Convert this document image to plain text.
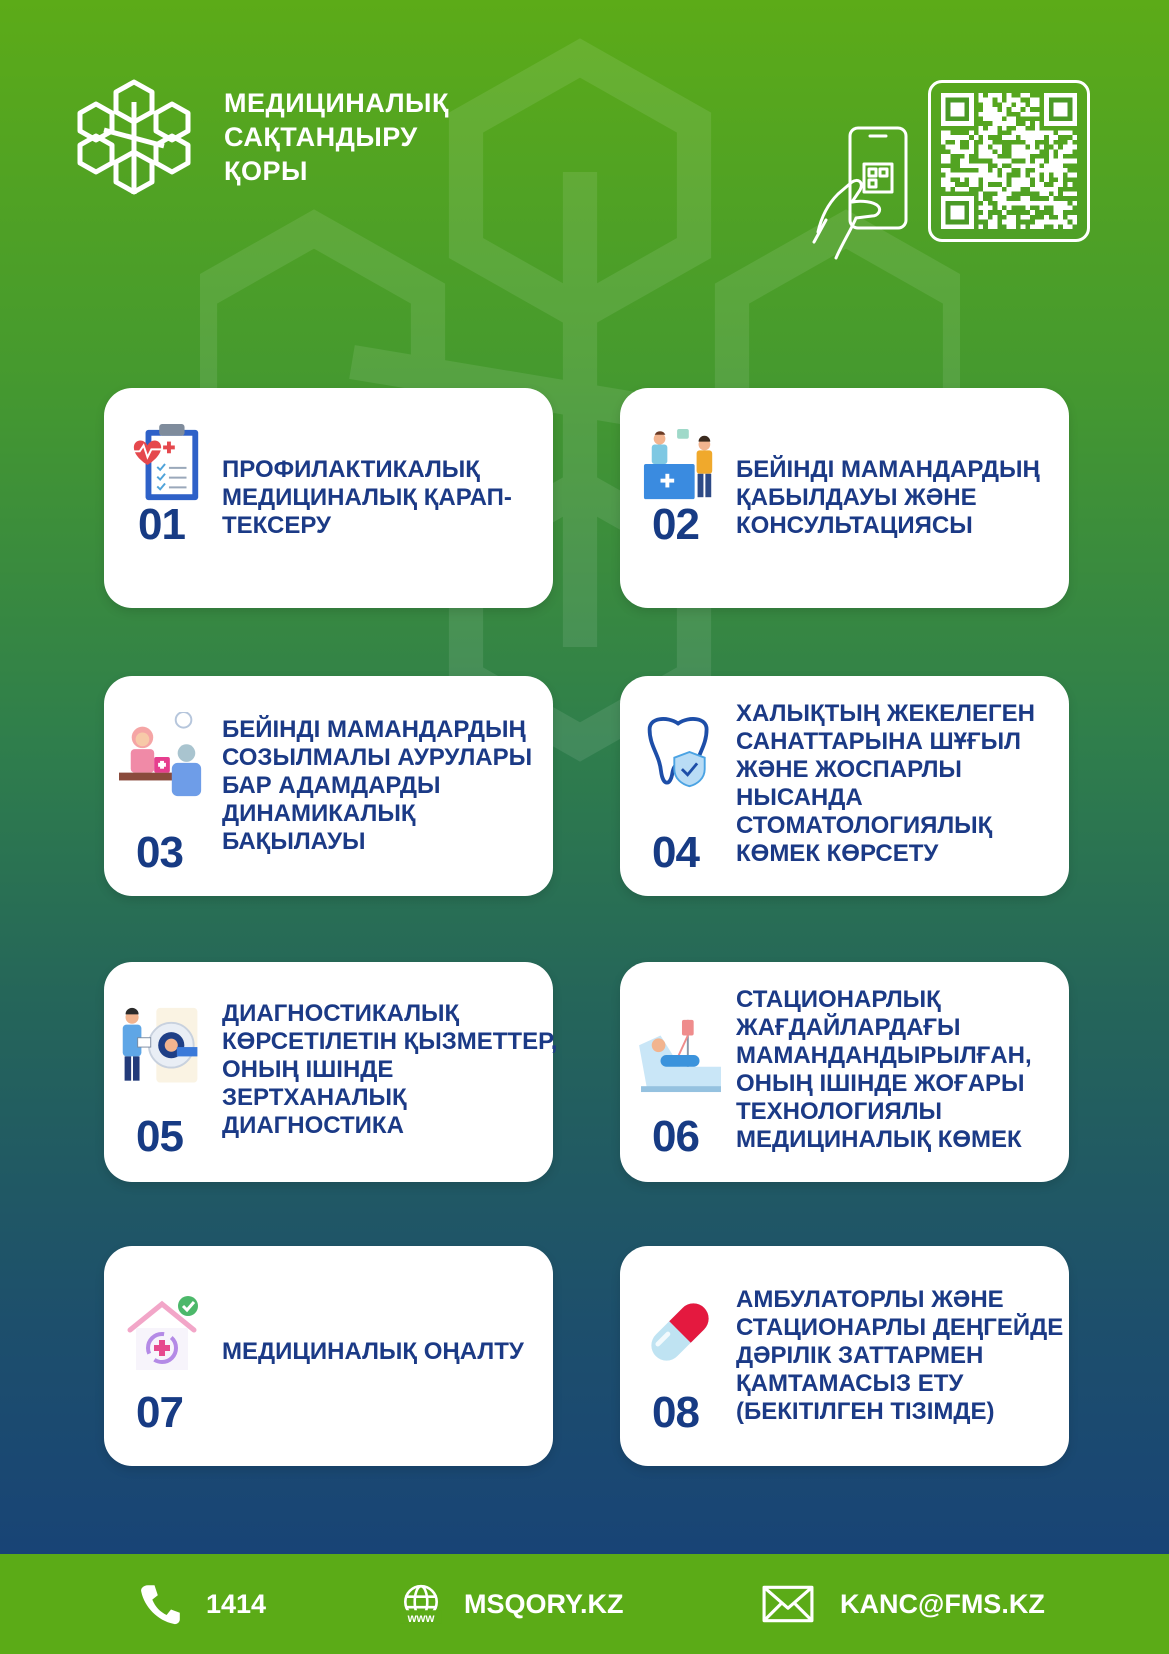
МЕДИЦИНАЛЫҚ
САҚТАНДЫРУ
ҚОРЫ
01
ПРОФИЛАКТИКАЛЫҚ
МЕДИЦИНАЛЫҚ ҚАРАП-
ТЕКСЕРУ	02
БЕЙІНДІ МАМАНДАРДЫҢ
ҚАБЫЛДАУЫ ЖӘНЕ
КОНСУЛЬТАЦИЯСЫ
03
БЕЙІНДІ МАМАНДАРДЫҢ
СОЗЫЛМАЛЫ АУРУЛАРЫ
БАР АДАМДАРДЫ
ДИНАМИКАЛЫҚ
БАҚЫЛАУЫ	04
ХАЛЫҚТЫҢ ЖЕКЕЛЕГЕН
САНАТТАРЫНА ШҰҒЫЛ
ЖӘНЕ ЖОСПАРЛЫ
НЫСАНДА
СТОМАТОЛОГИЯЛЫҚ
КӨМЕК КӨРСЕТУ
05
ДИАГНОСТИКАЛЫҚ
КӨРСЕТІЛЕТІН ҚЫЗМЕТТЕР,
ОНЫҢ ІШІНДЕ
ЗЕРТХАНАЛЫҚ
ДИАГНОСТИКА	06
СТАЦИОНАРЛЫҚ
ЖАҒДАЙЛАРДАҒЫ
МАМАНДАНДЫРЫЛҒАН,
ОНЫҢ ІШІНДЕ ЖОҒАРЫ
ТЕХНОЛОГИЯЛЫ
МЕДИЦИНАЛЫҚ КӨМЕК
07
МЕДИЦИНАЛЫҚ ОҢАЛТУ
08
АМБУЛАТОРЛЫ ЖӘНЕ
СТАЦИОНАРЛЫ ДЕҢГЕЙДЕ
ДӘРІЛІК ЗАТТАРМЕН
ҚАМТАМАСЫЗ ЕТУ
(БЕКІТІЛГЕН ТІЗІМДЕ)
1414
www
MSQORY.KZ	KANC@FMS.KZ
